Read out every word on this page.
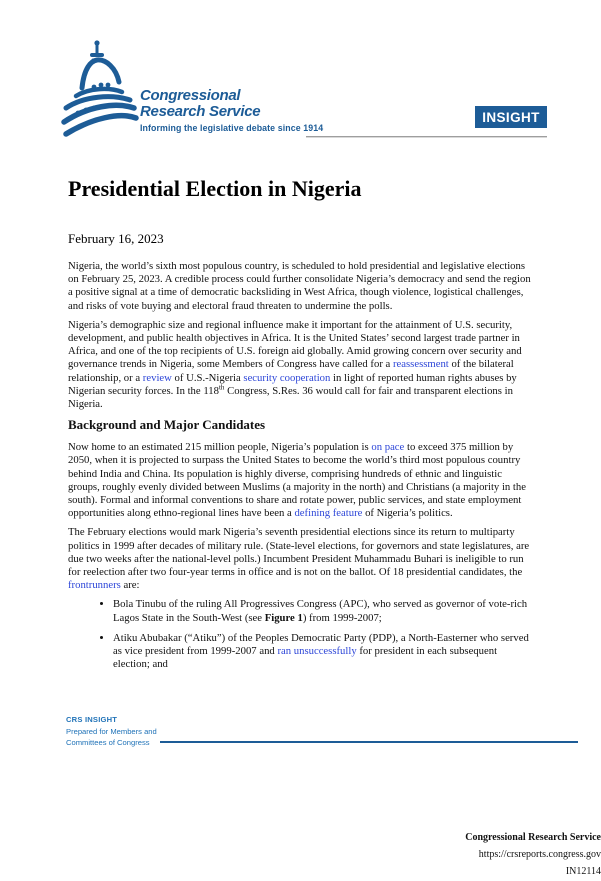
Congressional
Research Service
Informing the legislative debate since 1914
INSIGHT
Presidential Election in Nigeria
February 16, 2023

Nigeria, the world’s sixth most populous country, is scheduled to hold presidential and legislative elections on February 25, 2023. A credible process could further consolidate Nigeria’s democracy and send the region a positive signal at a time of democratic backsliding in West Africa, though violence, logistical challenges, and risks of vote buying and electoral fraud threaten to undermine the polls.

Nigeria’s demographic size and regional influence make it important for the attainment of U.S. security, development, and public health objectives in Africa. It is the United States’ second largest trade partner in Africa, and one of the top recipients of U.S. foreign aid globally. Amid growing concern over security and governance trends in Nigeria, some Members of Congress have called for a reassessment of the bilateral relationship, or a review of U.S.-Nigeria security cooperation in light of reported human rights abuses by Nigerian security forces. In the 118th Congress, S.Res. 36 would call for fair and transparent elections in Nigeria.

Background and Major Candidates

Now home to an estimated 215 million people, Nigeria’s population is on pace to exceed 375 million by 2050, when it is projected to surpass the United States to become the world’s third most populous country behind India and China. Its population is highly diverse, comprising hundreds of ethnic and linguistic groups, roughly evenly divided between Muslims (a majority in the north) and Christians (a majority in the south). Formal and informal conventions to share and rotate power, public services, and state employment opportunities along ethno-regional lines have been a defining feature of Nigeria’s politics.

The February elections would mark Nigeria’s seventh presidential elections since its return to multiparty politics in 1999 after decades of military rule. (State-level elections, for governors and state legislatures, are due two weeks after the national-level polls.) Incumbent President Muhammadu Buhari is ineligible to run for reelection after two four-year terms in office and is not on the ballot. Of 18 presidential candidates, the frontrunners are:

• Bola Tinubu of the ruling All Progressives Congress (APC), who served as governor of vote-rich Lagos State in the South-West (see Figure 1) from 1999-2007;
• Atiku Abubakar (“Atiku”) of the Peoples Democratic Party (PDP), a North-Easterner who served as vice president from 1999-2007 and ran unsuccessfully for president in each subsequent election; and
Congressional Research Service
https://crsreports.congress.gov
IN12114
CRS INSIGHT
Prepared for Members and
Committees of Congress
